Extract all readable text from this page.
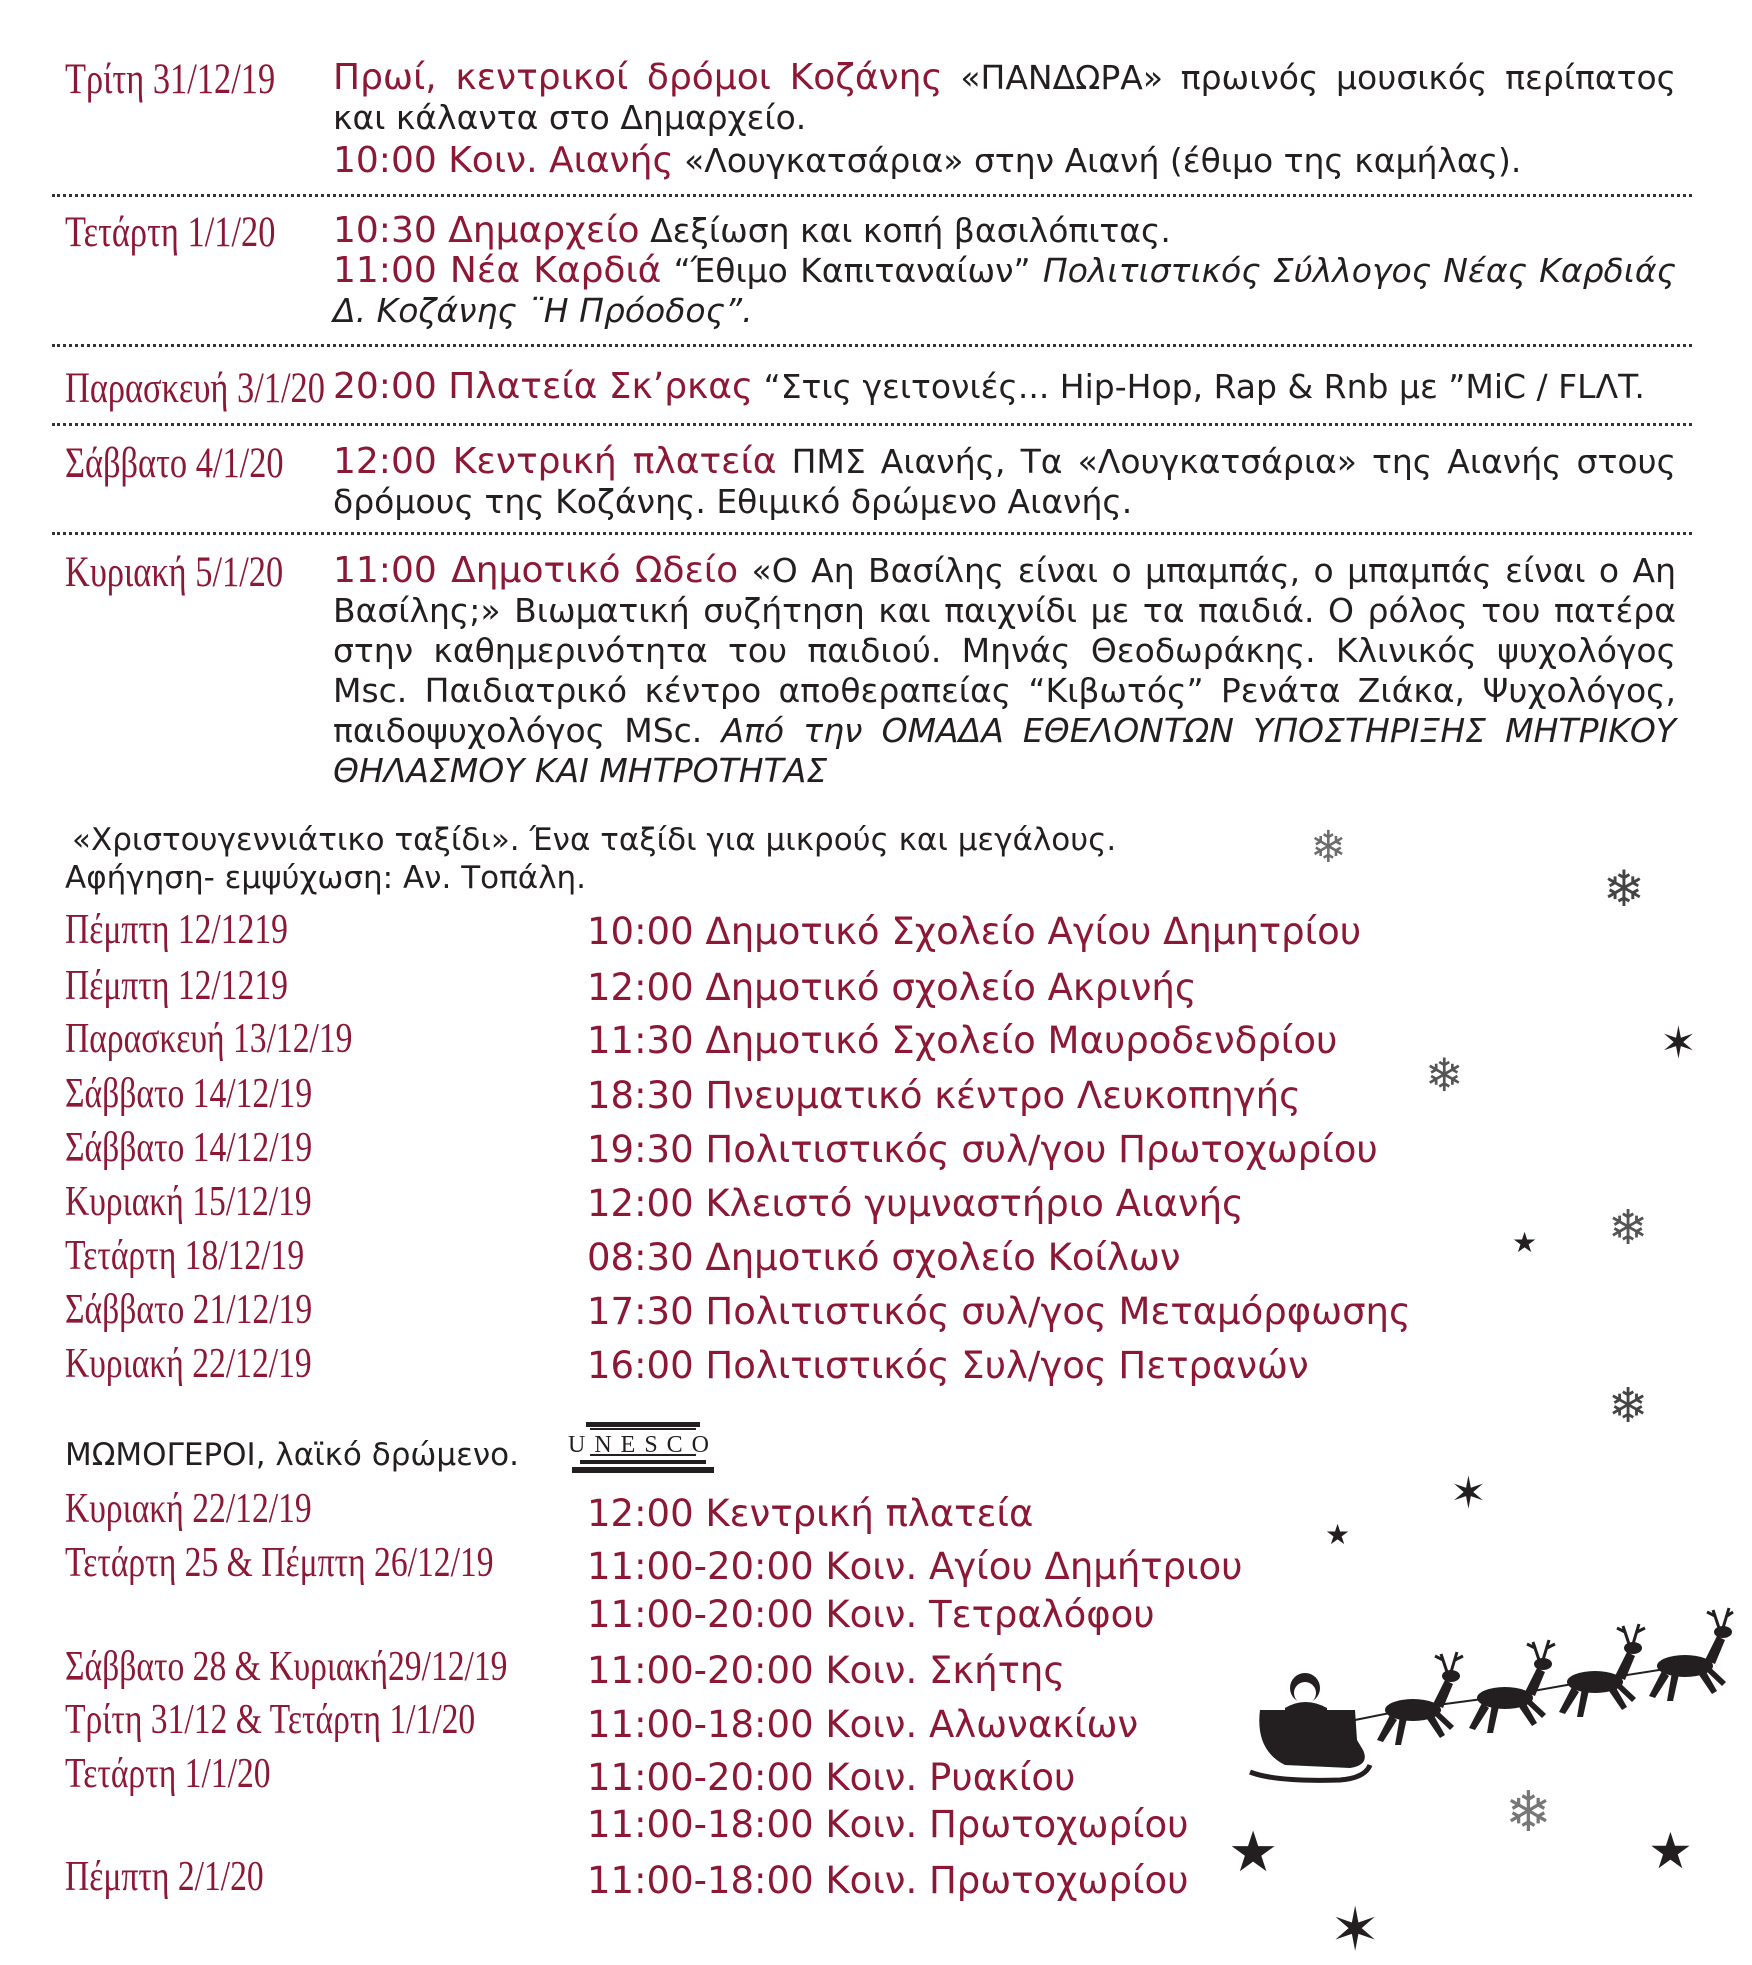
Τρίτη 31/12/19 Πρωί, κεντρικοί δρόμοι Κοζάνης «ΠΑΝΔΩΡΑ» πρωινός μουσικός περίπατος και κάλαντα στο Δημαρχείο.

10:00 Κοιν. Αιανής «Λουγκατσάρια» στην Αιανή (έθιμο της καμήλας).

Τετάρτη 1/1/20 10:30 Δημαρχείο Δεξίωση και κοπή βασιλόπιτας.

11:00 Νέα Καρδιά “Έθιμο Καπιταναίων” Πολιτιστικός Σύλλογος Νέας Καρδιάς Δ. Κοζάνης ¨Η Πρόοδος”.

Παρασκευή 3/1/20 20:00 Πλατεία Σκ’ρκας “Στις γειτονιές... Hip-Hop, Rap & Rnb με ”MiC / FLΛT.

Σάββατο 4/1/20 12:00 Κεντρική πλατεία ΠΜΣ Αιανής, Τα «Λουγκατσάρια» της Αιανής στους δρόμους της Κοζάνης. Εθιμικό δρώμενο Αιανής.

Κυριακή 5/1/20 11:00 Δημοτικό Ωδείο «Ο Αη Βασίλης είναι ο μπαμπάς, ο μπαμπάς είναι ο Αη Βασίλης;» Βιωματική συζήτηση και παιχνίδι με τα παιδιά. Ο ρόλος του πατέρα στην καθημερινότητα του παιδιού. Μηνάς Θεοδωράκης. Κλινικός ψυχολόγος Msc. Παιδιατρικό κέντρο αποθεραπείας “Κιβωτός” Ρενάτα Ζιάκα, Ψυχολόγος, παιδοψυχολόγος MSc. Από την ΟΜΑΔΑ ΕΘΕΛΟΝΤΩΝ ΥΠΟΣΤΗΡΙΞΗΣ ΜΗΤΡΙΚΟΥ ΘΗΛΑΣΜΟΥ ΚΑΙ ΜΗΤΡΟΤΗΤΑΣ

«Χριστουγεννιάτικο ταξίδι». Ένα ταξίδι για μικρούς και μεγάλους.
Αφήγηση- εμψύχωση: Αν. Τοπάλη.
Πέμπτη 12/1219	10:00 Δημοτικό Σχολείο Αγίου Δημητρίου
Πέμπτη 12/1219	12:00 Δημοτικό σχολείο Ακρινής
Παρασκευή 13/12/19	11:30 Δημοτικό Σχολείο Μαυροδενδρίου
Σάββατο 14/12/19	18:30 Πνευματικό κέντρο Λευκοπηγής
Σάββατο 14/12/19	19:30 Πολιτιστικός συλ/γου Πρωτοχωρίου
Κυριακή 15/12/19	12:00 Κλειστό γυμναστήριο Αιανής
Τετάρτη 18/12/19	08:30 Δημοτικό σχολείο Κοίλων
Σάββατο 21/12/19	17:30 Πολιτιστικός συλ/γος Μεταμόρφωσης
Κυριακή 22/12/19	16:00 Πολιτιστικός Συλ/γος Πετρανών
ΜΩΜΟΓΕΡΟΙ, λαϊκό δρώμενο. UNESCO
Κυριακή 22/12/19	12:00 Κεντρική πλατεία
Τετάρτη 25 & Πέμπτη 26/12/19	11:00-20:00 Κοιν. Αγίου Δημήτριου
11:00-20:00 Κοιν. Τετραλόφου
Σάββατο 28 & Κυριακή29/12/19 11:00-20:00 Κοιν. Σκήτης
Τρίτη 31/12 & Τετάρτη 1/1/20	11:00-18:00 Κοιν. Αλωνακίων
Τετάρτη 1/1/20	11:00-20:00 Κοιν. Ρυακίου
11:00-18:00 Κοιν. Πρωτοχωρίου
Πέμπτη 2/1/20	11:00-18:00 Κοιν. Πρωτοχωρίου
❄
❄
❄
❄
❄
❄
✶
✶
✶
★
★
★	★
